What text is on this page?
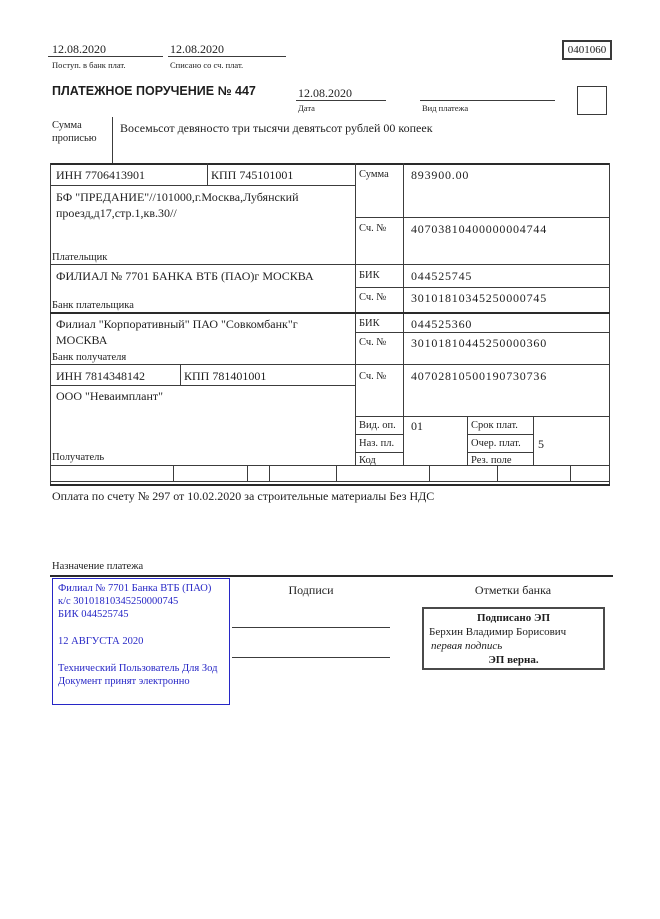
12.08.2020
Поступ. в банк плат.
12.08.2020
Списано со сч. плат.
0401060
ПЛАТЕЖНОЕ ПОРУЧЕНИЕ № 447	12.08.2020
Дата	Вид платежа
Сумма прописью
Восемьсот девяносто три тысячи девятьсот рублей 00 копеек
ИНН 7706413901	КПП 745101001	Сумма 893900.00
БФ "ПРЕДАНИЕ"//101000,г.Москва,Лубянский проезд,д17,стр.1,кв.30//
Сч. № 40703810400000004744
Плательщик
ФИЛИАЛ № 7701 БАНКА ВТБ (ПАО)г МОСКВА	БИК	044525745
Сч. № 30101810345250000745
Банк плательщика
Филиал "Корпоративный" ПАО "Совкомбанк"г МОСКВА
БИК	044525360
Сч. № 30101810445250000360
Банк получателя
ИНН 7814348142	КПП 781401001	Сч. № 40702810500190730736
ООО "Неваимплант"
Получатель
Вид. оп. 01	Срок плат.
Наз. пл.	Очер. плат. 5
Код	Рез. поле
Оплата по счету № 297 от 10.02.2020 за строительные материалы Без НДС
Назначение платежа
Филиал № 7701 Банка ВТБ (ПАО)
к/с 30101810345250000745
БИК 044525745
12 АВГУСТА 2020
Технический Пользователь Для Зод
Документ принят электронно
Подписи	Отметки банка
Подписано ЭП
Берхин Владимир Борисович
первая подпись
ЭП верна.
